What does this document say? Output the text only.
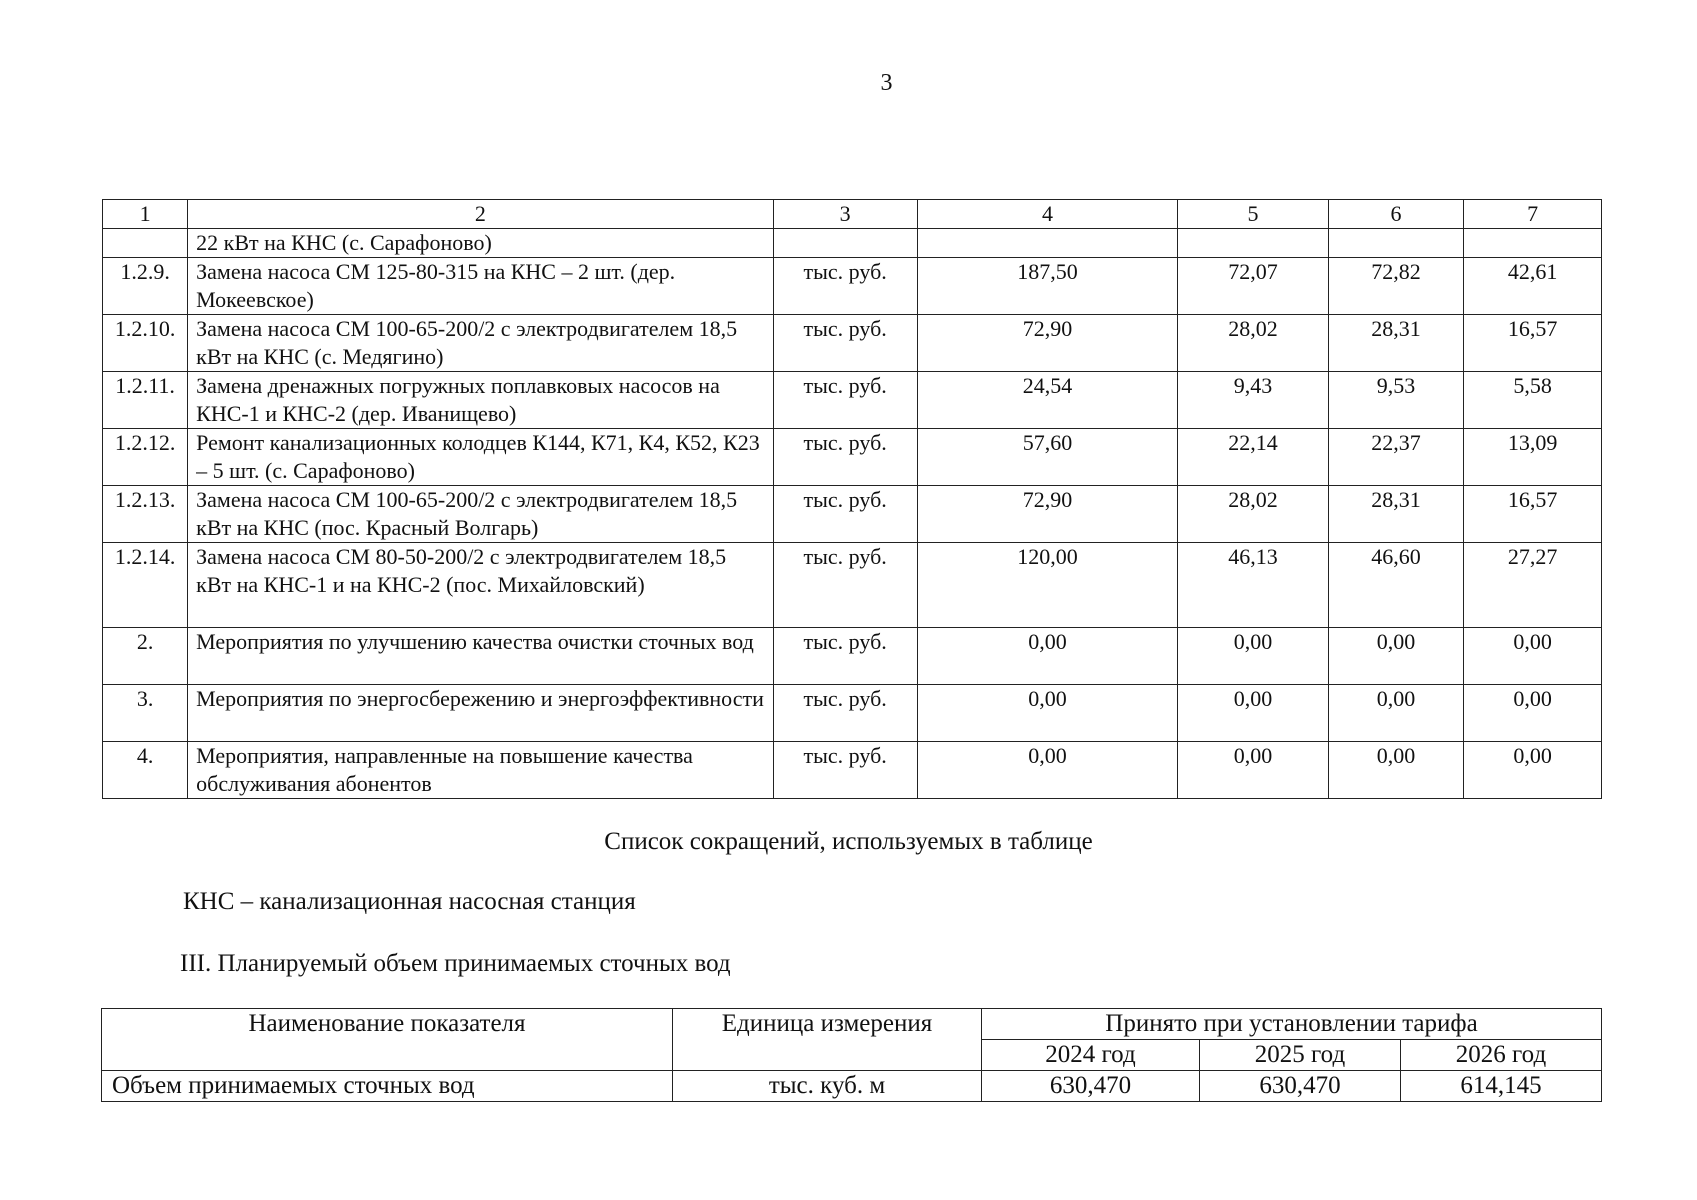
3
1	2	3	4	5	6	7
	22 кВт на КНС (с. Сарафоново)					
1.2.9.	Замена насоса СМ 125-80-315 на КНС – 2 шт. (дер. Мокеевское)	тыс. руб.	187,50	72,07	72,82	42,61
1.2.10.	Замена насоса СМ 100-65-200/2 с электродвигателем 18,5 кВт на КНС (с. Медягино)	тыс. руб.	72,90	28,02	28,31	16,57
1.2.11.	Замена дренажных погружных поплавковых насосов на КНС-1 и КНС-2 (дер. Иванищево)	тыс. руб.	24,54	9,43	9,53	5,58
1.2.12.	Ремонт канализационных колодцев К144, К71, К4, К52, К23 – 5 шт. (с. Сарафоново)	тыс. руб.	57,60	22,14	22,37	13,09
1.2.13.	Замена насоса СМ 100-65-200/2 с электродвигателем 18,5 кВт на КНС (пос. Красный Волгарь)	тыс. руб.	72,90	28,02	28,31	16,57
1.2.14.	Замена насоса СМ 80-50-200/2 с электродвигателем 18,5 кВт на КНС-1 и на КНС-2 (пос. Михайловский)	тыс. руб.	120,00	46,13	46,60	27,27
2.	Мероприятия по улучшению качества очистки сточных вод	тыс. руб.	0,00	0,00	0,00	0,00
3.	Мероприятия по энергосбережению и энергоэффективности	тыс. руб.	0,00	0,00	0,00	0,00
4.	Мероприятия, направленные на повышение качества обслуживания абонентов	тыс. руб.	0,00	0,00	0,00	0,00
Список сокращений, используемых в таблице
КНС – канализационная насосная станция
III. Планируемый объем принимаемых сточных вод
Наименование показателя	Единица измерения	Принято при установлении тарифа		
		2024 год	2025 год	2026 год
Объем принимаемых сточных вод	тыс. куб. м	630,470	630,470	614,145
